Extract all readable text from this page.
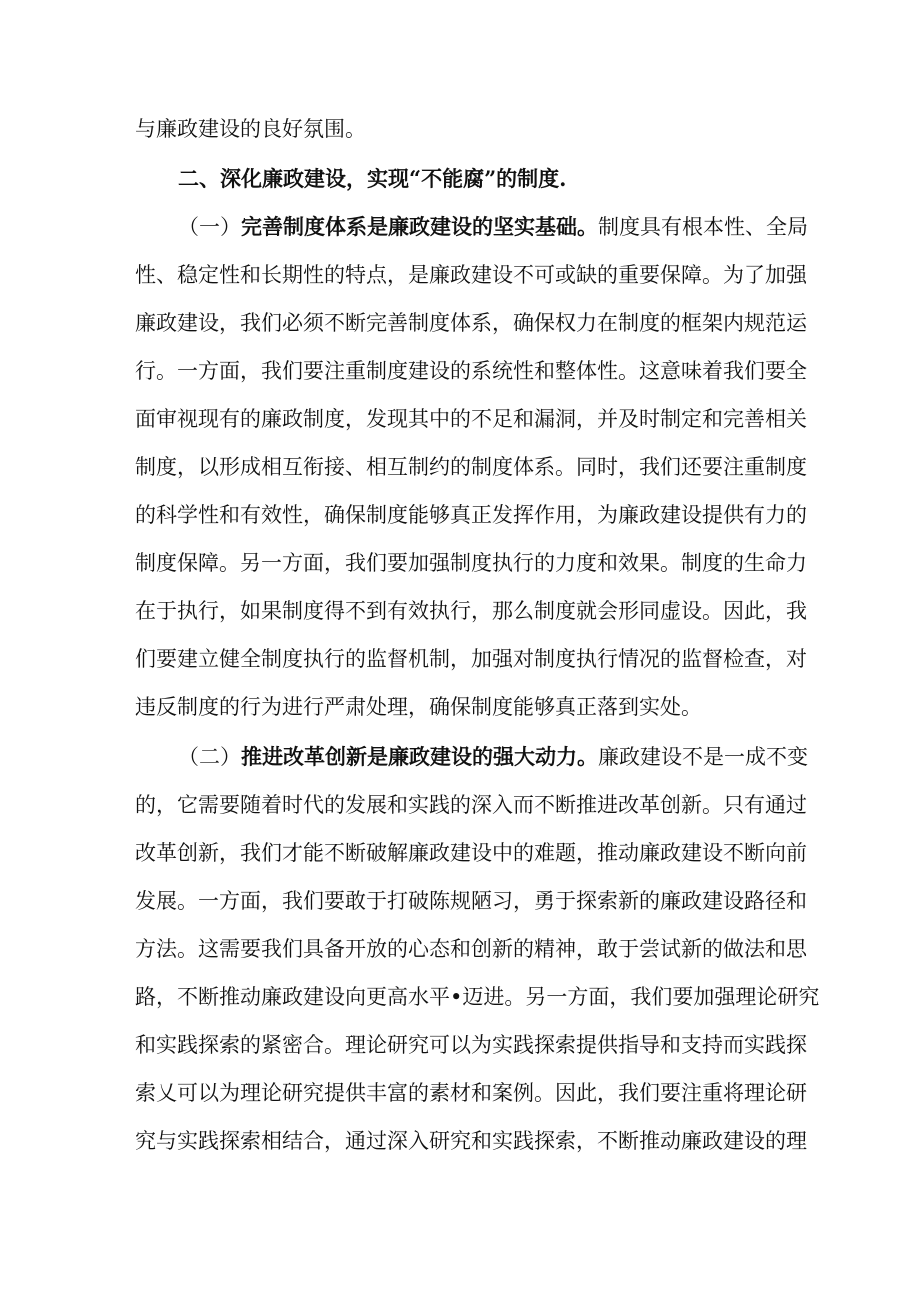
与廉政建设的良好氛围。
二、深化廉政建设，实现“不能腐”的制度.
（一）完善制度体系是廉政建设的坚实基础。制度具有根本性、全局
性、稳定性和长期性的特点，是廉政建设不可或缺的重要保障。为了加强
廉政建设，我们必须不断完善制度体系，确保权力在制度的框架内规范运
行。一方面，我们要注重制度建设的系统性和整体性。这意味着我们要全
面审视现有的廉政制度，发现其中的不足和漏洞，并及时制定和完善相关
制度，以形成相互衔接、相互制约的制度体系。同时，我们还要注重制度
的科学性和有效性，确保制度能够真正发挥作用，为廉政建设提供有力的
制度保障。另一方面，我们要加强制度执行的力度和效果。制度的生命力
在于执行，如果制度得不到有效执行，那么制度就会形同虚设。因此，我
们要建立健全制度执行的监督机制，加强对制度执行情况的监督检查，对
违反制度的行为进行严肃处理，确保制度能够真正落到实处。
（二）推进改革创新是廉政建设的强大动力。廉政建设不是一成不变
的，它需要随着时代的发展和实践的深入而不断推进改革创新。只有通过
改革创新，我们才能不断破解廉政建设中的难题，推动廉政建设不断向前
发展。一方面，我们要敢于打破陈规陋习，勇于探索新的廉政建设路径和
方法。这需要我们具备开放的心态和创新的精神，敢于尝试新的做法和思
路，不断推动廉政建设向更高水平•迈进。另一方面，我们要加强理论研究
和实践探索的紧密合。理论研究可以为实践探索提供指导和支持而实践探
索乂可以为理论研究提供丰富的素材和案例。因此，我们要注重将理论研
究与实践探索相结合，通过深入研究和实践探索，不断推动廉政建设的理
